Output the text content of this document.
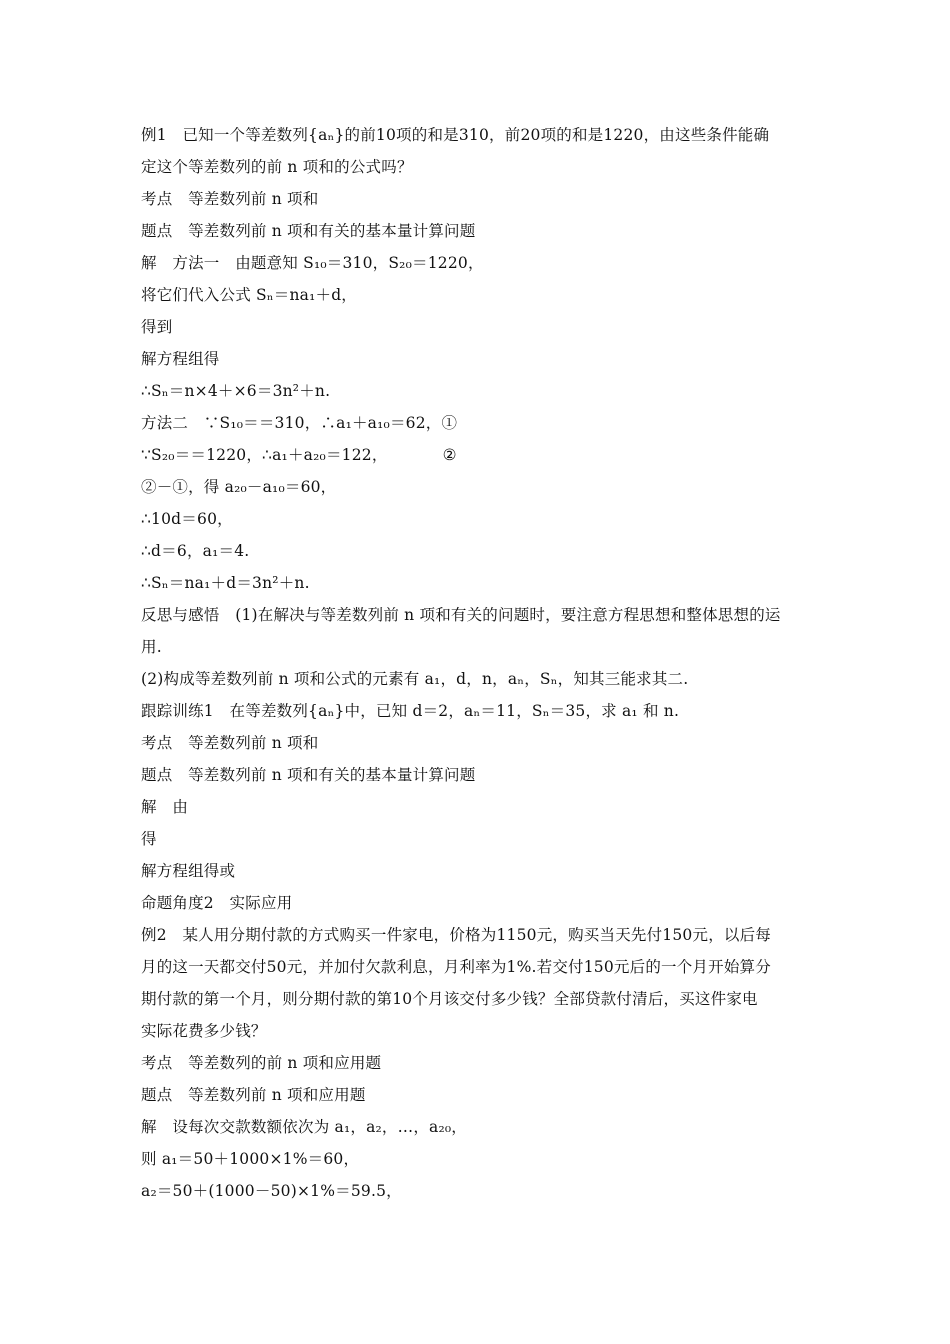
例1　已知一个等差数列{aₙ}的前10项的和是310，前20项的和是1220，由这些条件能确
定这个等差数列的前 n 项和的公式吗？
考点　等差数列前 n 项和
题点　等差数列前 n 项和有关的基本量计算问题
解　方法一　由题意知 S₁₀＝310，S₂₀＝1220，
将它们代入公式 Sₙ＝na₁＋d，
得到
解方程组得
∴Sₙ＝n×4＋×6＝3n²＋n.
方法二　∵S₁₀＝＝310，∴a₁＋a₁₀＝62，①
∵S₂₀＝＝1220，∴a₁＋a₂₀＝122，　　　　②
②－①，得 a₂₀－a₁₀＝60，
∴10d＝60，
∴d＝6，a₁＝4.
∴Sₙ＝na₁＋d＝3n²＋n.
反思与感悟　(1)在解决与等差数列前 n 项和有关的问题时，要注意方程思想和整体思想的运
用.
(2)构成等差数列前 n 项和公式的元素有 a₁，d，n，aₙ，Sₙ，知其三能求其二.
跟踪训练1　在等差数列{aₙ}中，已知 d＝2，aₙ＝11，Sₙ＝35，求 a₁ 和 n.
考点　等差数列前 n 项和
题点　等差数列前 n 项和有关的基本量计算问题
解　由
得
解方程组得或
命题角度2　实际应用
例2　某人用分期付款的方式购买一件家电，价格为1150元，购买当天先付150元，以后每
月的这一天都交付50元，并加付欠款利息，月利率为1%.若交付150元后的一个月开始算分
期付款的第一个月，则分期付款的第10个月该交付多少钱？全部贷款付清后，买这件家电
实际花费多少钱？
考点　等差数列的前 n 项和应用题
题点　等差数列前 n 项和应用题
解　设每次交款数额依次为 a₁，a₂，…，a₂₀，
则 a₁＝50＋1000×1%＝60，
a₂＝50＋(1000－50)×1%＝59.5，
